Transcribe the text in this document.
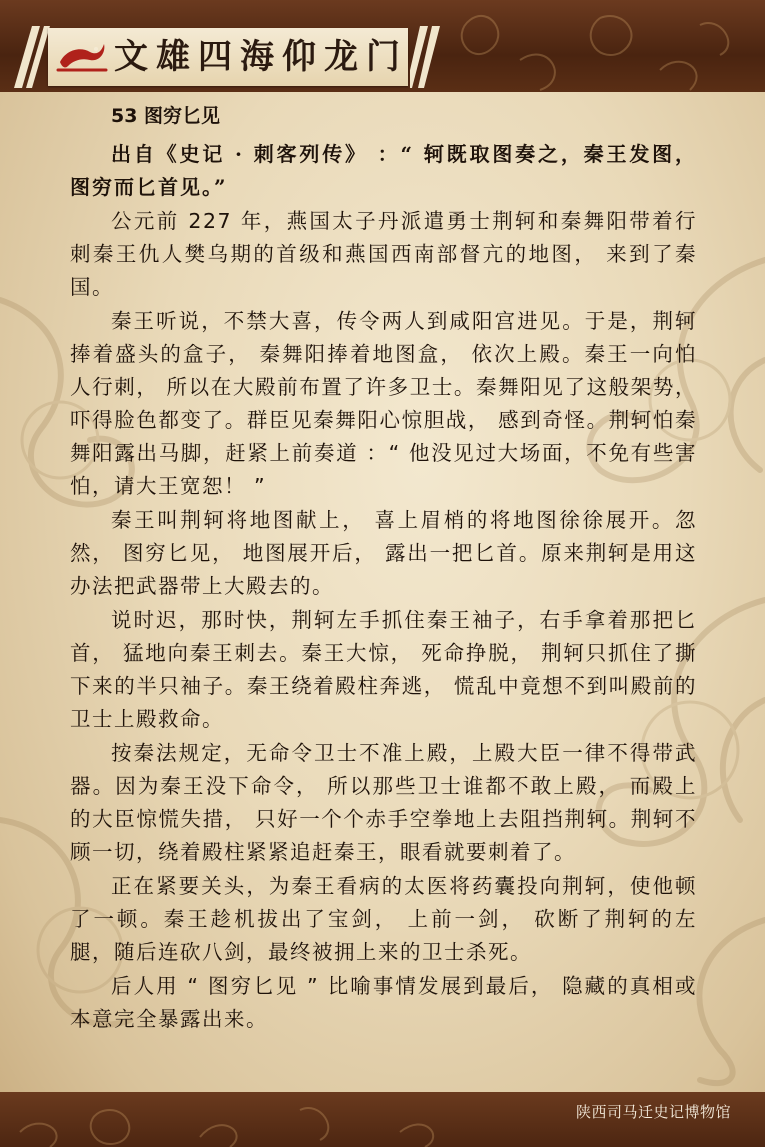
文雄四海仰龙门
53 图穷匕见

出自《史记 · 刺客列传》 ：“ 轲既取图奏之，秦王发图，图穷而匕首见。”

公元前 227 年，燕国太子丹派遣勇士荆轲和秦舞阳带着行刺秦王仇人樊乌期的首级和燕国西南部督亢的地图， 来到了秦国。

秦王听说，不禁大喜，传令两人到咸阳宫进见。于是，荆轲捧着盛头的盒子， 秦舞阳捧着地图盒， 依次上殿。秦王一向怕人行刺， 所以在大殿前布置了许多卫士。秦舞阳见了这般架势， 吓得脸色都变了。群臣见秦舞阳心惊胆战， 感到奇怪。荆轲怕秦舞阳露出马脚，赶紧上前奏道 ：“ 他没见过大场面，不免有些害怕，请大王宽恕！ ”

秦王叫荆轲将地图献上， 喜上眉梢的将地图徐徐展开。忽然， 图穷匕见， 地图展开后， 露出一把匕首。原来荆轲是用这办法把武器带上大殿去的。

说时迟，那时快，荆轲左手抓住秦王袖子，右手拿着那把匕首， 猛地向秦王刺去。秦王大惊， 死命挣脱， 荆轲只抓住了撕下来的半只袖子。秦王绕着殿柱奔逃， 慌乱中竟想不到叫殿前的卫士上殿救命。

按秦法规定，无命令卫士不准上殿，上殿大臣一律不得带武器。因为秦王没下命令， 所以那些卫士谁都不敢上殿， 而殿上的大臣惊慌失措， 只好一个个赤手空拳地上去阻挡荆轲。荆轲不顾一切，绕着殿柱紧紧追赶秦王，眼看就要刺着了。

正在紧要关头，为秦王看病的太医将药囊投向荆轲，使他顿了一顿。秦王趁机拔出了宝剑， 上前一剑， 砍断了荆轲的左腿，随后连砍八剑，最终被拥上来的卫士杀死。

后人用 “ 图穷匕见 ” 比喻事情发展到最后， 隐藏的真相或本意完全暴露出来。

陕西司马迁史记博物馆
